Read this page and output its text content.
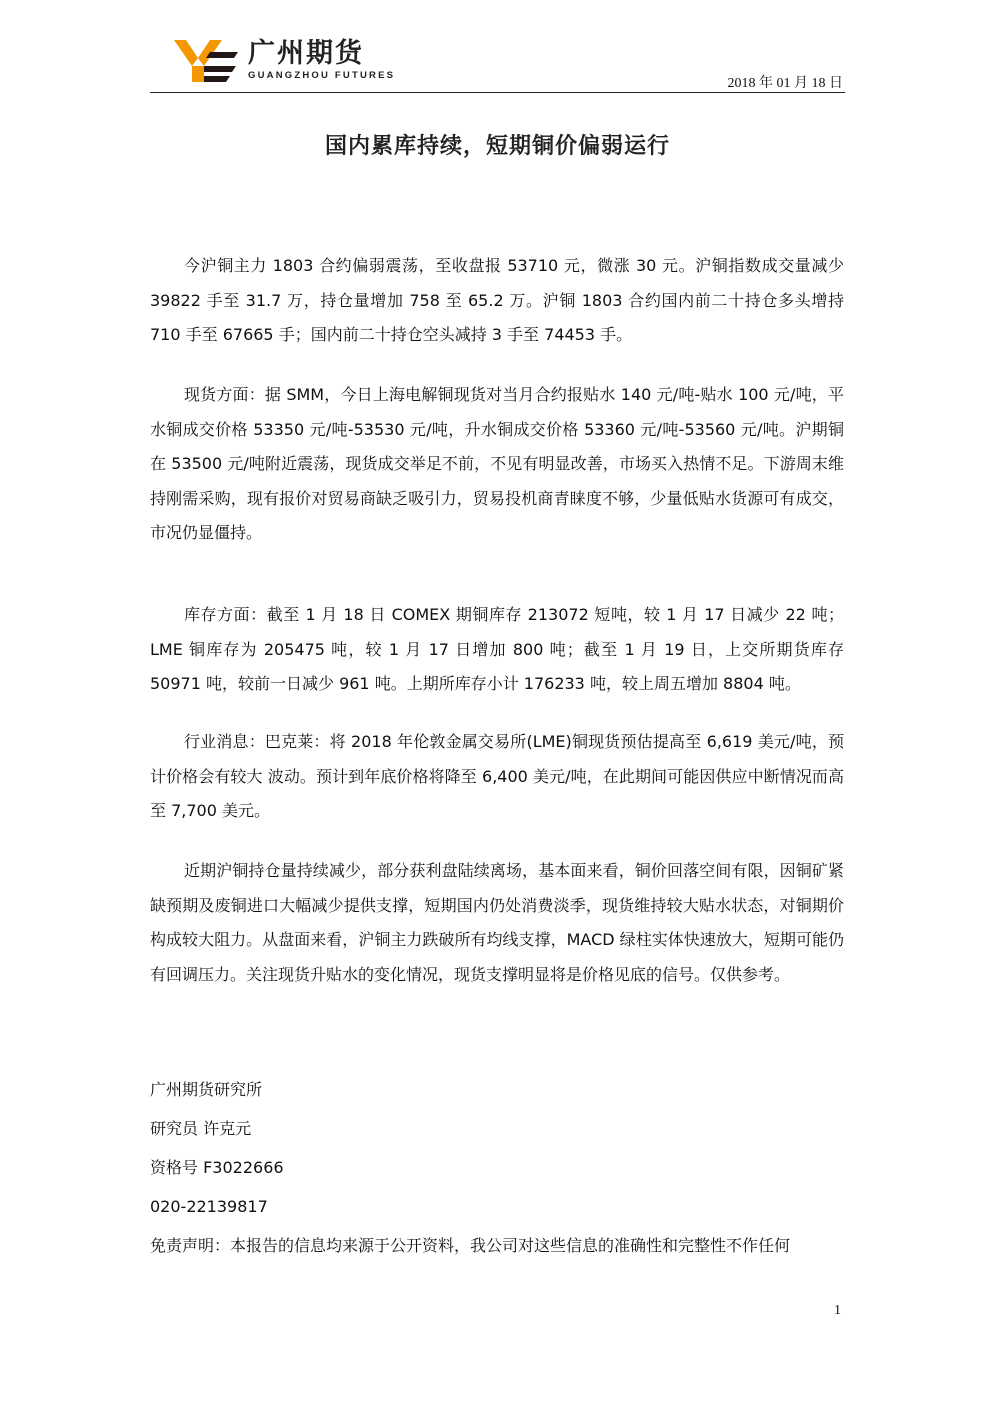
广州期货
GUANGZHOU FUTURES
2018 年 01 月 18 日
国内累库持续，短期铜价偏弱运行

今沪铜主力 1803 合约偏弱震荡，至收盘报 53710 元，微涨 30 元。沪铜指数成交量减少 39822 手至 31.7 万，持仓量增加 758 至 65.2 万。沪铜 1803 合约国内前二十持仓多头增持 710 手至 67665 手；国内前二十持仓空头减持 3 手至 74453 手。

现货方面：据 SMM，今日上海电解铜现货对当月合约报贴水 140 元/吨-贴水 100 元/吨，平水铜成交价格 53350 元/吨-53530 元/吨，升水铜成交价格 53360 元/吨-53560 元/吨。沪期铜在 53500 元/吨附近震荡，现货成交举足不前，不见有明显改善，市场买入热情不足。下游周末维持刚需采购，现有报价对贸易商缺乏吸引力，贸易投机商青睐度不够，少量低贴水货源可有成交，市况仍显僵持。

库存方面：截至 1 月 18 日 COMEX 期铜库存 213072 短吨，较 1 月 17 日减少 22 吨；LME 铜库存为 205475 吨，较 1 月 17 日增加 800 吨；截至 1 月 19 日，上交所期货库存 50971 吨，较前一日减少 961 吨。上期所库存小计 176233 吨，较上周五增加 8804 吨。

行业消息：巴克莱：将 2018 年伦敦金属交易所(LME)铜现货预估提高至 6,619 美元/吨，预计价格会有较大 波动。预计到年底价格将降至 6,400 美元/吨，在此期间可能因供应中断情况而高至 7,700 美元。

近期沪铜持仓量持续减少，部分获利盘陆续离场，基本面来看，铜价回落空间有限，因铜矿紧缺预期及废铜进口大幅减少提供支撑，短期国内仍处消费淡季，现货维持较大贴水状态，对铜期价构成较大阻力。从盘面来看，沪铜主力跌破所有均线支撑，MACD 绿柱实体快速放大，短期可能仍有回调压力。关注现货升贴水的变化情况，现货支撑明显将是价格见底的信号。仅供参考。

广州期货研究所
研究员 许克元
资格号 F3022666
020-22139817
免责声明：本报告的信息均来源于公开资料，我公司对这些信息的准确性和完整性不作任何
1
